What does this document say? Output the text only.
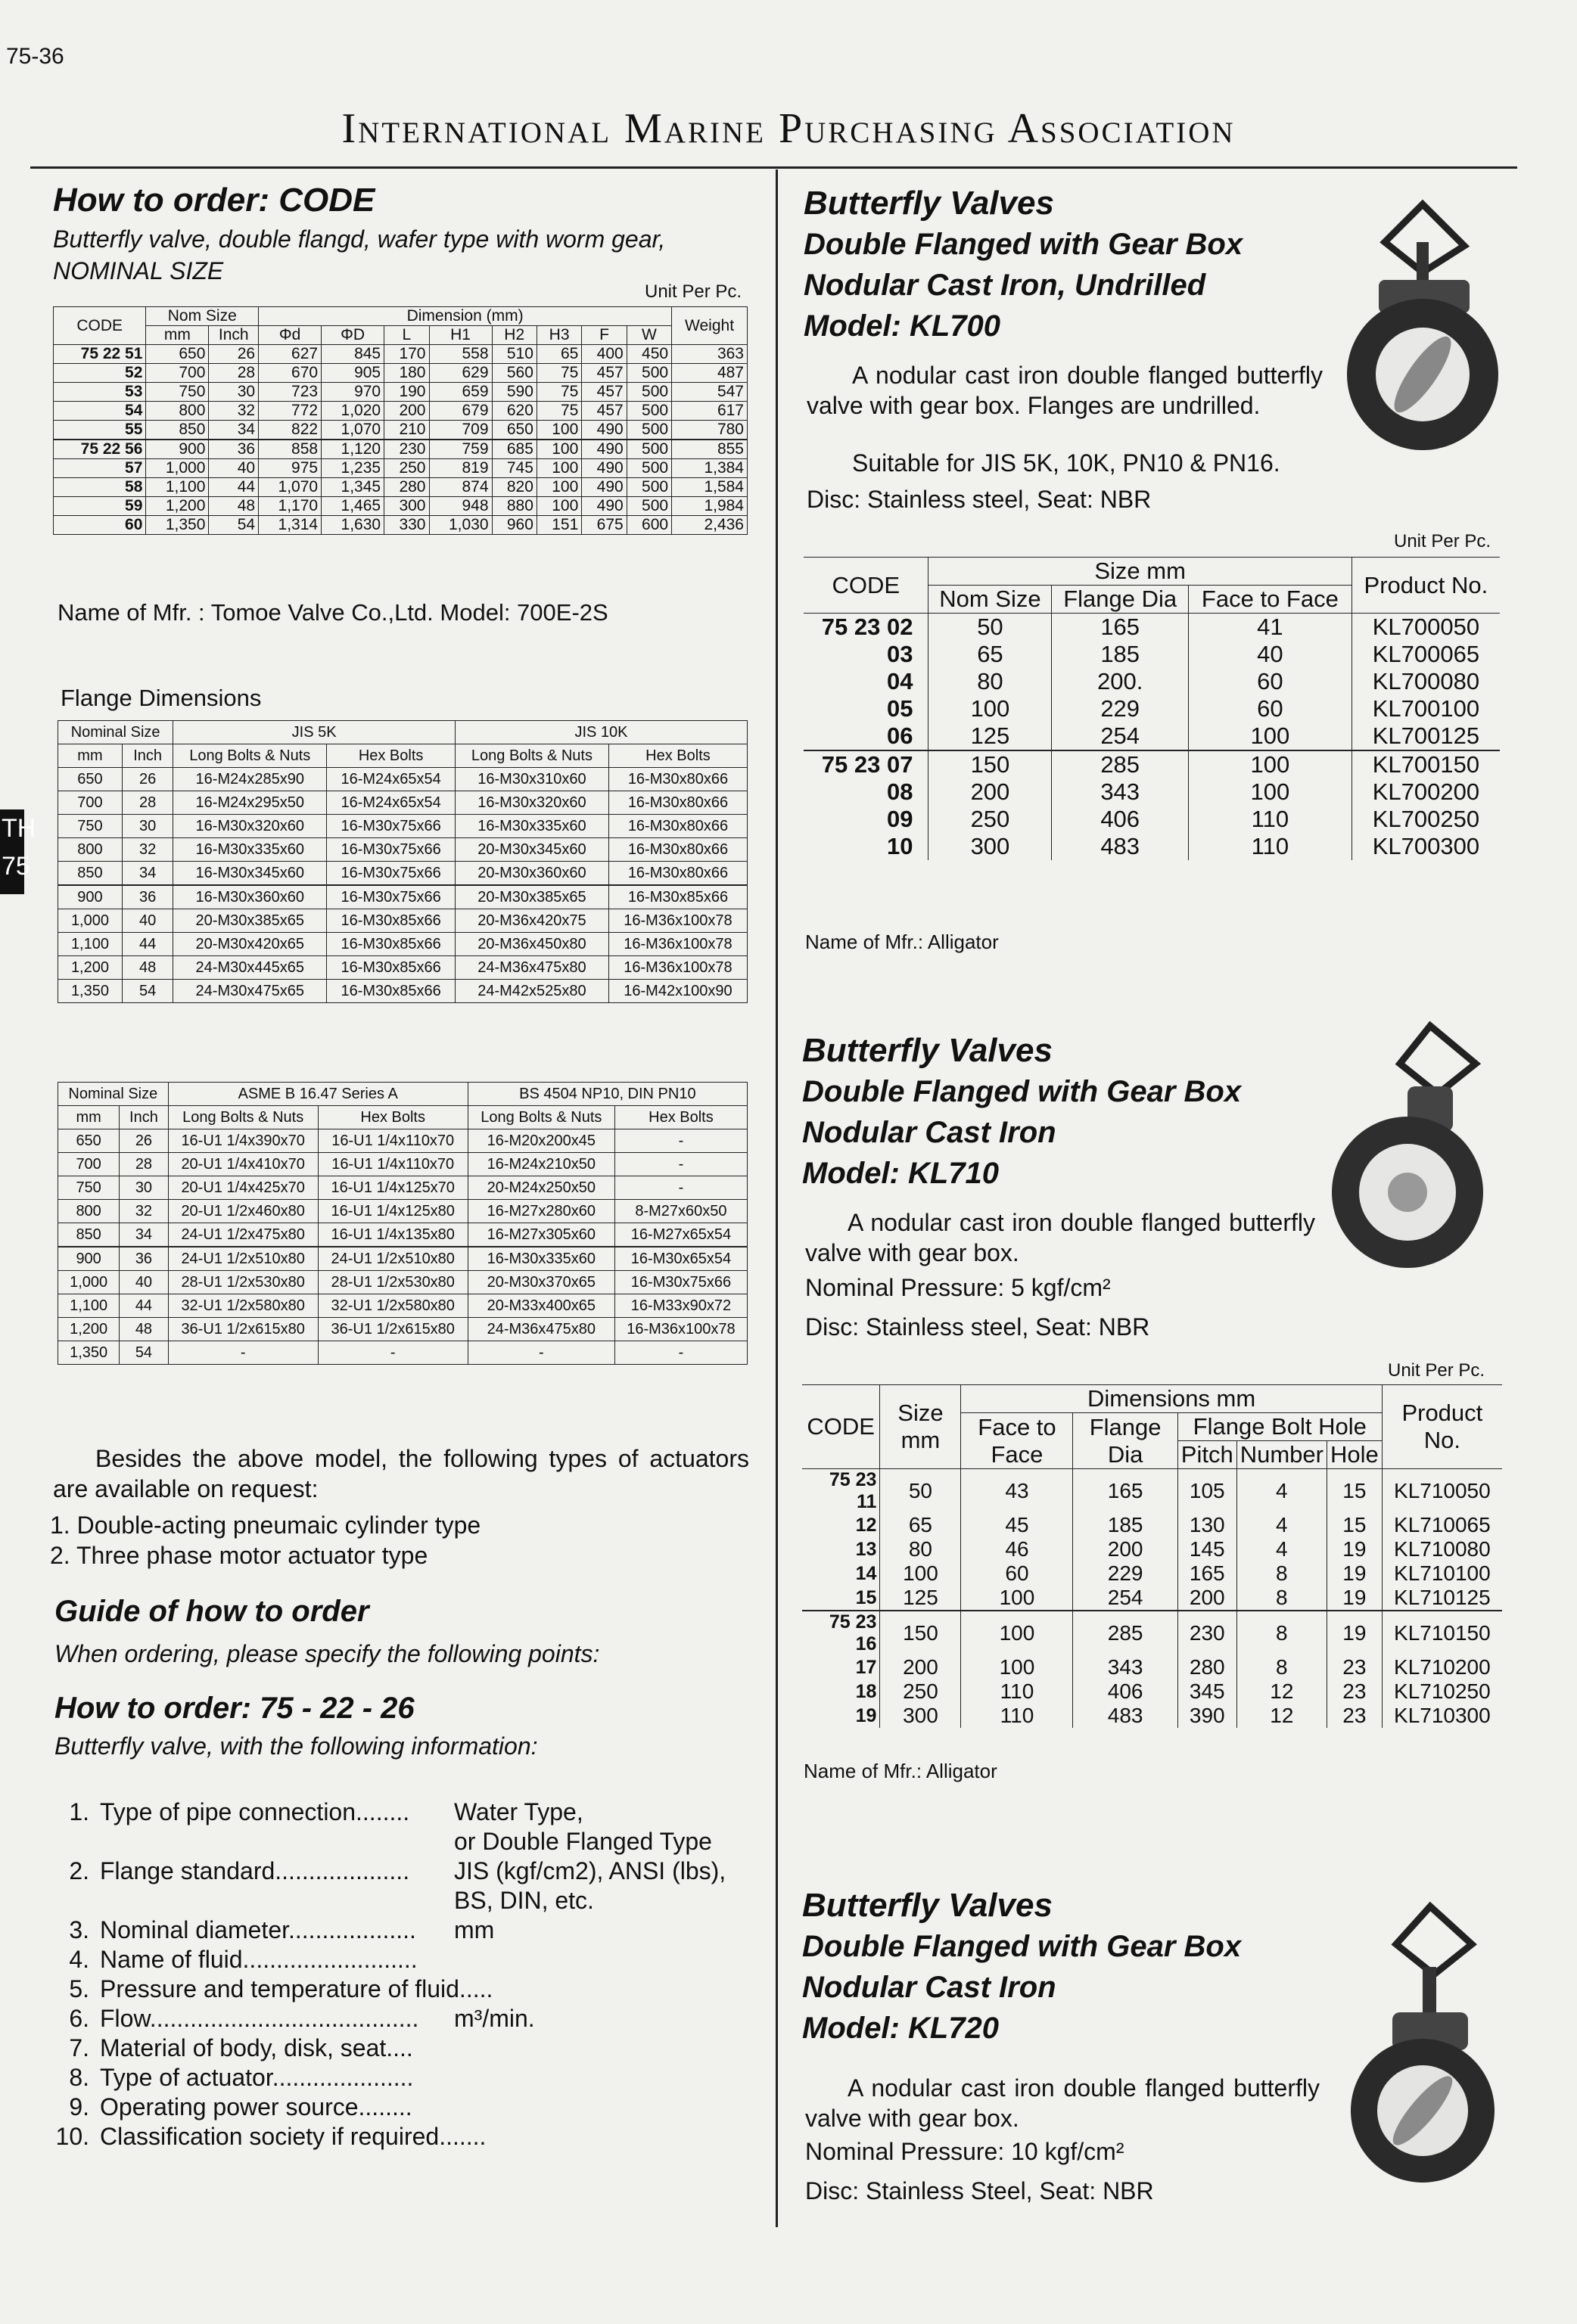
75-36
International Marine Purchasing Association
TH
75
How to order: CODE
Butterfly valve, double flangd, wafer type with worm gear,
NOMINAL SIZE
Unit Per Pc.
CODE	Nom Size		Dimension (mm)								Weight
	mm	Inch	Φd	ΦD	L	H1	H2	H3	F	W	
75 22 51	650	26	627	845	170	558	510	65	400	450	363
52	700	28	670	905	180	629	560	75	457	500	487
53	750	30	723	970	190	659	590	75	457	500	547
54	800	32	772	1,020	200	679	620	75	457	500	617
55	850	34	822	1,070	210	709	650	100	490	500	780
75 22 56	900	36	858	1,120	230	759	685	100	490	500	855
57	1,000	40	975	1,235	250	819	745	100	490	500	1,384
58	1,100	44	1,070	1,345	280	874	820	100	490	500	1,584
59	1,200	48	1,170	1,465	300	948	880	100	490	500	1,984
60	1,350	54	1,314	1,630	330	1,030	960	151	675	600	2,436
Name of Mfr. : Tomoe Valve Co.,Ltd. Model: 700E-2S
Flange Dimensions
Nominal Size		JIS 5K		JIS 10K	
mm	Inch	Long Bolts & Nuts	Hex Bolts	Long Bolts & Nuts	Hex Bolts
650	26	16-M24x285x90	16-M24x65x54	16-M30x310x60	16-M30x80x66
700	28	16-M24x295x50	16-M24x65x54	16-M30x320x60	16-M30x80x66
750	30	16-M30x320x60	16-M30x75x66	16-M30x335x60	16-M30x80x66
800	32	16-M30x335x60	16-M30x75x66	20-M30x345x60	16-M30x80x66
850	34	16-M30x345x60	16-M30x75x66	20-M30x360x60	16-M30x80x66
900	36	16-M30x360x60	16-M30x75x66	20-M30x385x65	16-M30x85x66
1,000	40	20-M30x385x65	16-M30x85x66	20-M36x420x75	16-M36x100x78
1,100	44	20-M30x420x65	16-M30x85x66	20-M36x450x80	16-M36x100x78
1,200	48	24-M30x445x65	16-M30x85x66	24-M36x475x80	16-M36x100x78
1,350	54	24-M30x475x65	16-M30x85x66	24-M42x525x80	16-M42x100x90
Nominal Size		ASME B 16.47 Series A		BS 4504 NP10, DIN PN10	
mm	Inch	Long Bolts & Nuts	Hex Bolts	Long Bolts & Nuts	Hex Bolts
650	26	16-U1 1/4x390x70	16-U1 1/4x110x70	16-M20x200x45	-
700	28	20-U1 1/4x410x70	16-U1 1/4x110x70	16-M24x210x50	-
750	30	20-U1 1/4x425x70	16-U1 1/4x125x70	20-M24x250x50	-
800	32	20-U1 1/2x460x80	16-U1 1/4x125x80	16-M27x280x60	8-M27x60x50
850	34	24-U1 1/2x475x80	16-U1 1/4x135x80	16-M27x305x60	16-M27x65x54
900	36	24-U1 1/2x510x80	24-U1 1/2x510x80	16-M30x335x60	16-M30x65x54
1,000	40	28-U1 1/2x530x80	28-U1 1/2x530x80	20-M30x370x65	16-M30x75x66
1,100	44	32-U1 1/2x580x80	32-U1 1/2x580x80	20-M33x400x65	16-M33x90x72
1,200	48	36-U1 1/2x615x80	36-U1 1/2x615x80	24-M36x475x80	16-M36x100x78
1,350	54	-	-	-	-
Besides the above model, the following types of actuators are available on request:
1. Double-acting pneumaic cylinder type
2. Three phase motor actuator type
Guide of how to order
When ordering, please specify the following points:
How to order: 75 - 22 - 26
Butterfly valve, with the following information:
1. Type of pipe connection........ Water Type,
or Double Flanged Type
2. Flange standard.................... JIS (kgf/cm2), ANSI (lbs),
BS, DIN, etc.
3. Nominal diameter................... mm
4. Name of fluid..........................
5. Pressure and temperature of fluid.....
6. Flow........................................ m³/min.
7. Material of body, disk, seat....
8. Type of actuator.....................
9. Operating power source........
10. Classification society if required.......
Butterfly Valves
Double Flanged with Gear Box
Nodular Cast Iron, Undrilled
Model: KL700
A nodular cast iron double flanged butterfly valve with gear box. Flanges are undrilled.
Suitable for JIS 5K, 10K, PN10 & PN16.
Disc: Stainless steel, Seat: NBR
Unit Per Pc.
CODE	Size mm			Product No.
	Nom Size	Flange Dia	Face to Face	
75 23 02	50	165	41	KL700050
03	65	185	40	KL700065
04	80	200.	60	KL700080
05	100	229	60	KL700100
06	125	254	100	KL700125
75 23 07	150	285	100	KL700150
08	200	343	100	KL700200
09	250	406	110	KL700250
10	300	483	110	KL700300
Name of Mfr.: Alligator
Butterfly Valves
Double Flanged with Gear Box
Nodular Cast Iron
Model: KL710
A nodular cast iron double flanged butterfly valve with gear box.
Nominal Pressure: 5 kgf/cm²
Disc: Stainless steel, Seat: NBR
Unit Per Pc.
CODE	Size mm	Dimensions mm					Product No.
		Face to Face	Flange Dia	Flange Bolt Hole			
				Pitch	Number	Hole	
75 23 11	50	43	165	105	4	15	KL710050
12	65	45	185	130	4	15	KL710065
13	80	46	200	145	4	19	KL710080
14	100	60	229	165	8	19	KL710100
15	125	100	254	200	8	19	KL710125
75 23 16	150	100	285	230	8	19	KL710150
17	200	100	343	280	8	23	KL710200
18	250	110	406	345	12	23	KL710250
19	300	110	483	390	12	23	KL710300
Name of Mfr.: Alligator
Butterfly Valves
Double Flanged with Gear Box
Nodular Cast Iron
Model: KL720
A nodular cast iron double flanged butterfly valve with gear box.
Nominal Pressure: 10 kgf/cm²
Disc: Stainless Steel, Seat: NBR
